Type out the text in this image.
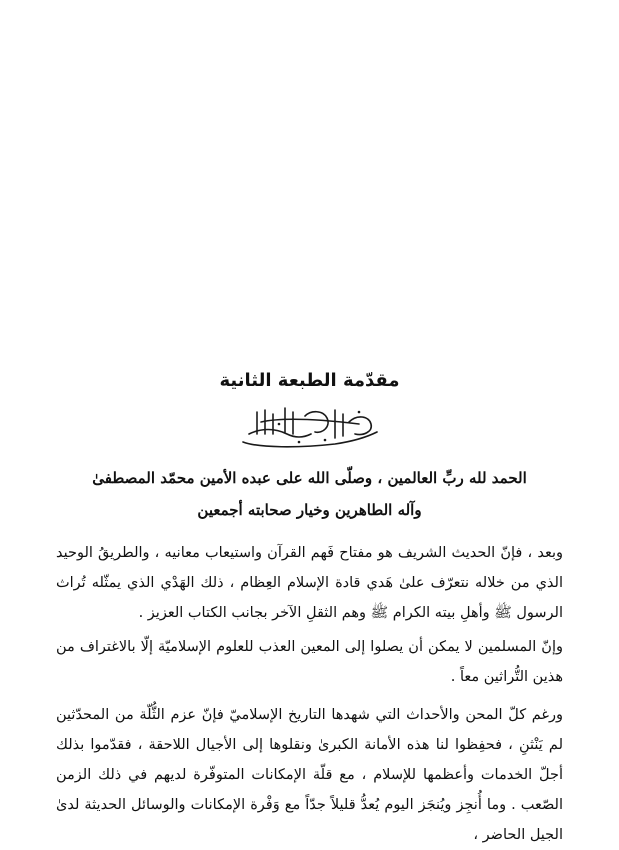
مقدّمة الطبعة الثانية

الحمد لله ربِّ العالمين ، وصلّى الله على عبده الأمين محمّد المصطفىٰ

وآله الطاهرين وخيار صحابته أجمعين

وبعد ، فإنّ الحديث الشريف هو مفتاح فَهم القرآن واستيعاب معانيه ، والطريقُ الوحيد الذي من خلاله نتعرّف علىٰ هَدي قادة الإسلام العِظام ، ذلك الهَدْي الذي يمثّله تُراث الرسول ﷺ وأهلِ بيته الكرام ﷺ وهم الثقلِ الآخر بجانب الكتاب العزيز .

وإنّ المسلمين لا يمكن أن يصلوا إلى المعين العذب للعلوم الإسلاميّة إلّا بالاغتراف من هذين التُّراثين معاً .

ورغم كلّ المحن والأحداث التي شهدها التاريخ الإسلاميّ فإنّ عزم الثُّلّة من المحدّثين لم يَنْثنِ ، فحفِظوا لنا هذه الأمانة الكبرىٰ ونقلوها إلى الأجيال اللاحقة ، فقدّموا بذلك أجلّ الخدمات وأعظمها للإسلام ، مع قلّة الإمكانات المتوفّرة لديهم في ذلك الزمن الصّعب . وما أُنجِز ويُنجَز اليوم يُعدُّ قليلاً جدّاً مع وَفْرة الإمكانات والوسائل الحديثة لدىٰ الجيل الحاضر ،
